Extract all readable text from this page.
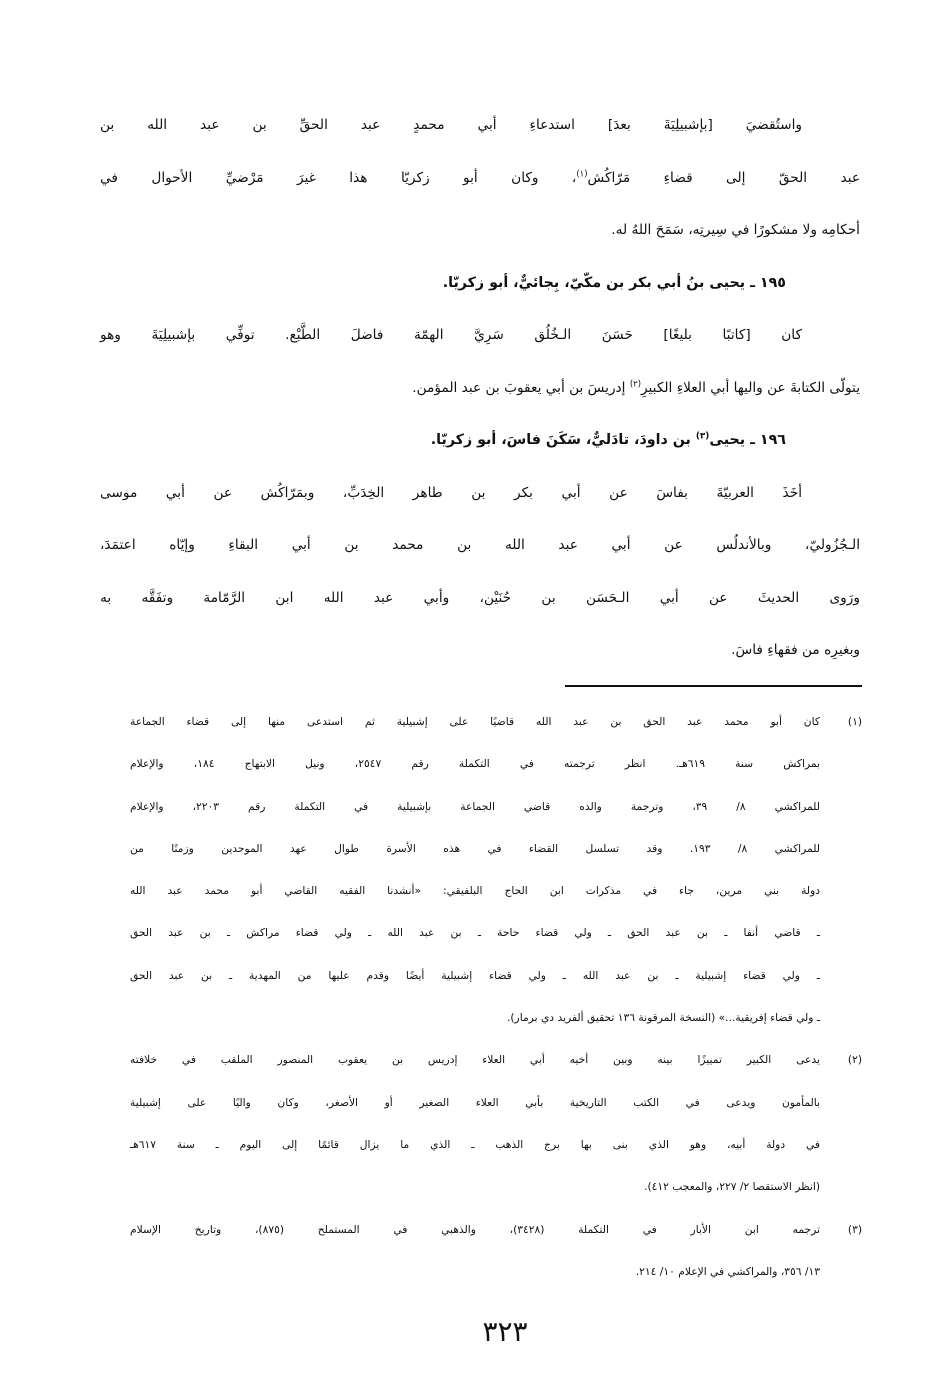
واستُقضيَ [بإشبيلِيَةَ بعدَ] استدعاءِ أبي محمدٍ عبد الحقِّ بن عبد الله بن
عبد الحقّ إلى قضاءِ مَرّاكُش$^{(١)}$، وكان أبو زكريّا هذا غيرَ مَرْضيِّ الأحوال في
أحكامِه ولا مشكورًا في سِيرتِه، سَمَحَ اللهُ له.
١٩٥ ـ يحيى بنُ أبي بكر بن مكّيّ، بِجائيٌّ، أبو زكريّا.
كان [كاتبًا بليغًا] حَسَنَ الـخُلُق سَرِيَّ الهمّة فاضلَ الطَّبْع. توفِّي بإشبيلِيَةَ وهو
يتولّى الكتابةَ عن واليها أبي العلاءِ الكبيرِ$^{(٢)}$ إدريسَ بن أبي يعقوبَ بن عبد المؤمن.
١٩٦ ـ يحيى$^{(٣)}$ بن داودَ، تادَليٌّ، سَكَنَ فاسَ، أبو زكريّا.
أخَذَ العربيّةَ بفاسَ عن أبي بكر بن طاهر الخِدَبِّ، وبمَرّاكُش عن أبي موسى
الـجُزُوليّ، وبالأندلُس عن أبي عبد الله بن محمد بن أبي البقاءِ وإيّاه اعتمَدَ،
ورَوى الحديثَ عن أبي الـحَسَن بن حُنَيْن، وأبي عبد الله ابن الرَّمّامة وتفَقَّه به
وبغيرِه من فقهاءِ فاسَ.
(١)
كان أبو محمد عبد الحق بن عبد الله قاضيًا على إشبيلية ثم استدعى منها إلى قضاء الجماعة
بمراكش سنة ٦١٩هـ. انظر ترجمته في التكملة رقم ٢٥٤٧، ونيل الابتهاج ١٨٤، والإعلام
للمراكشي ٨/ ٣٩، وترجمة والده قاضي الجماعة بإشبيلية في التكملة رقم ٢٢٠٣، والإعلام
للمراكشي ٨/ ١٩٣. وقد تسلسل القضاء في هذه الأسرة طوال عهد الموحدين وزمنًا من
دولة بني مرين، جاء في مذكرات ابن الحاج البلفيقي: «أنشدنا الفقيه القاضي أبو محمد عبد الله
ـ قاضي أنفا ـ بن عبد الحق ـ ولي قضاء حاحة ـ بن عبد الله ـ ولي قضاء مراكش ـ بن عبد الحق
ـ ولي قضاء إشبيلية ـ بن عبد الله ـ ولي قضاء إشبيلية أيضًا وقدم عليها من المهدية ـ بن عبد الحق
ـ ولي قضاء إفريقية...» (النسخة المرقونة ١٣٦ تحقيق ألفريد دي برمار).
(٢)
يدعى الكبير تمييزًا بينه وبين أخيه أبي العلاء إدريس بن يعقوب المنصور الملقب في خلافته
بالمأمون ويدعى في الكتب التاريخية بأبي العلاء الصغير أو الأصغر، وكان واليًا على إشبيلية
في دولة أبيه، وهو الذي بنى بها برج الذهب ـ الذي ما يزال قائمًا إلى اليوم ـ سنة ٦١٧هـ
(انظر الاستقصا ٢/ ٢٢٧، والمعجب ٤١٢).
(٣)
ترجمه ابن الأبار في التكملة (٣٤٢٨)، والذهبي في المستملح (٨٧٥)، وتاريخ الإسلام
١٣/ ٣٥٦، والمراكشي في الإعلام ١٠/ ٢١٤.
٣٢٣
